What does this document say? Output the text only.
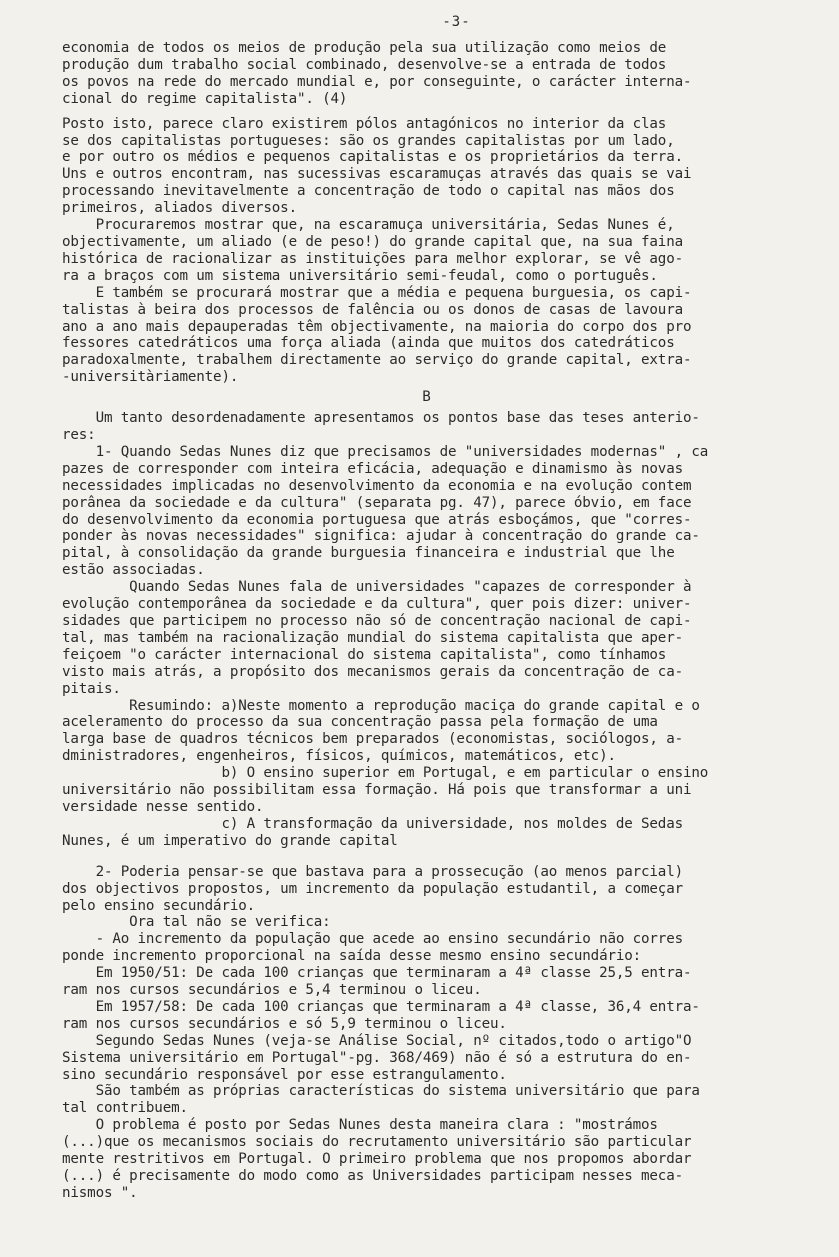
-3-
economia de todos os meios de produção pela sua utilização como meios de
produção dum trabalho social combinado, desenvolve-se a entrada de todos
os povos na rede do mercado mundial e, por conseguinte, o carácter interna-
cional do regime capitalista". (4)
Posto isto, parece claro existirem pólos antagónicos no interior da clas
se dos capitalistas portugueses: são os grandes capitalistas por um lado,
e por outro os médios e pequenos capitalistas e os proprietários da terra.
Uns e outros encontram, nas sucessivas escaramuças através das quais se vai
processando inevitavelmente a concentração de todo o capital nas mãos dos
primeiros, aliados diversos.
Procuraremos mostrar que, na escaramuça universitária, Sedas Nunes é,
objectivamente, um aliado (e de peso!) do grande capital que, na sua faina
histórica de racionalizar as instituições para melhor explorar, se vê ago-
ra a braços com um sistema universitário semi-feudal, como o português.
E também se procurará mostrar que a média e pequena burguesia, os capi-
talistas à beira dos processos de falência ou os donos de casas de lavoura
ano a ano mais depauperadas têm objectivamente, na maioria do corpo dos pro
fessores catedráticos uma força aliada (ainda que muitos dos catedráticos
paradoxalmente, trabalhem directamente ao serviço do grande capital, extra-
-universitàriamente).
B
Um tanto desordenadamente apresentamos os pontos base das teses anterio-
res:
1- Quando Sedas Nunes diz que precisamos de "universidades modernas" , ca
pazes de corresponder com inteira eficácia, adequação e dinamismo às novas
necessidades implicadas no desenvolvimento da economia e na evolução contem
porânea da sociedade e da cultura" (separata pg. 47), parece óbvio, em face
do desenvolvimento da economia portuguesa que atrás esboçámos, que "corres-
ponder às novas necessidades" significa: ajudar à concentração do grande ca-
pital, à consolidação da grande burguesia financeira e industrial que lhe
estão associadas.
Quando Sedas Nunes fala de universidades "capazes de corresponder à
evolução contemporânea da sociedade e da cultura", quer pois dizer: univer-
sidades que participem no processo não só de concentração nacional de capi-
tal, mas também na racionalização mundial do sistema capitalista que aper-
feiçoem "o carácter internacional do sistema capitalista", como tínhamos
visto mais atrás, a propósito dos mecanismos gerais da concentração de ca-
pitais.
Resumindo: a)Neste momento a reprodução maciça do grande capital e o
aceleramento do processo da sua concentração passa pela formação de uma
larga base de quadros técnicos bem preparados (economistas, sociólogos, a-
dministradores, engenheiros, físicos, químicos, matemáticos, etc).
b) O ensino superior em Portugal, e em particular o ensino
universitário não possibilitam essa formação. Há pois que transformar a uni
versidade nesse sentido.
c) A transformação da universidade, nos moldes de Sedas
Nunes, é um imperativo do grande capital
2- Poderia pensar-se que bastava para a prossecução (ao menos parcial)
dos objectivos propostos, um incremento da população estudantil, a começar
pelo ensino secundário.
Ora tal não se verifica:
- Ao incremento da população que acede ao ensino secundário não corres
ponde incremento proporcional na saída desse mesmo ensino secundário:
Em 1950/51: De cada 100 crianças que terminaram a 4ª classe 25,5 entra-
ram nos cursos secundários e 5,4 terminou o liceu.
Em 1957/58: De cada 100 crianças que terminaram a 4ª classe, 36,4 entra-
ram nos cursos secundários e só 5,9 terminou o liceu.
Segundo Sedas Nunes (veja-se Análise Social, nº citados,todo o artigo"O
Sistema universitário em Portugal"-pg. 368/469) não é só a estrutura do en-
sino secundário responsável por esse estrangulamento.
São também as próprias características do sistema universitário que para
tal contribuem.
O problema é posto por Sedas Nunes desta maneira clara : "mostrámos
(...)que os mecanismos sociais do recrutamento universitário são particular
mente restritivos em Portugal. O primeiro problema que nos propomos abordar
(...) é precisamente do modo como as Universidades participam nesses meca-
nismos ".
